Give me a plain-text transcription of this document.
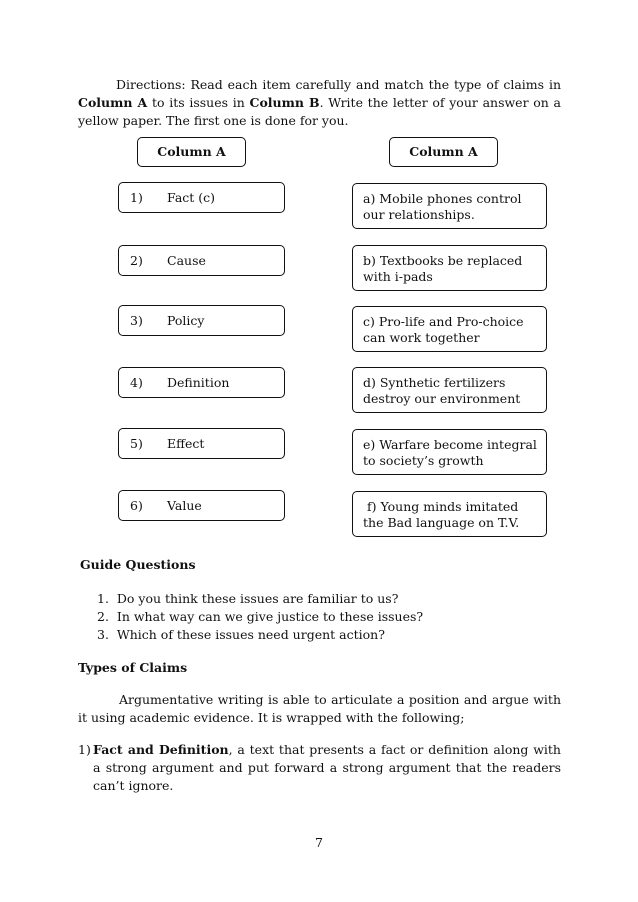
Directions: Read each item carefully and match the type of claims in Column A to its issues in Column B. Write the letter of your answer on a yellow paper. The first one is done for you.
Column A	Column A
1) Fact (c)
2) Cause
3) Policy
4) Definition
5) Effect
6) Value
a) Mobile phones control our relationships.
b) Textbooks be replaced with i-pads
c) Pro-life and Pro-choice can work together
d) Synthetic fertilizers destroy our environment
e) Warfare become integral to society’s growth
f) Young minds imitated the Bad language on T.V.
Guide Questions
1. Do you think these issues are familiar to us?
2. In what way can we give justice to these issues?
3. Which of these issues need urgent action?
Types of Claims
Argumentative writing is able to articulate a position and argue with it using academic evidence. It is wrapped with the following;
1) Fact and Definition, a text that presents a fact or definition along with a strong argument and put forward a strong argument that the readers can’t ignore.
7
